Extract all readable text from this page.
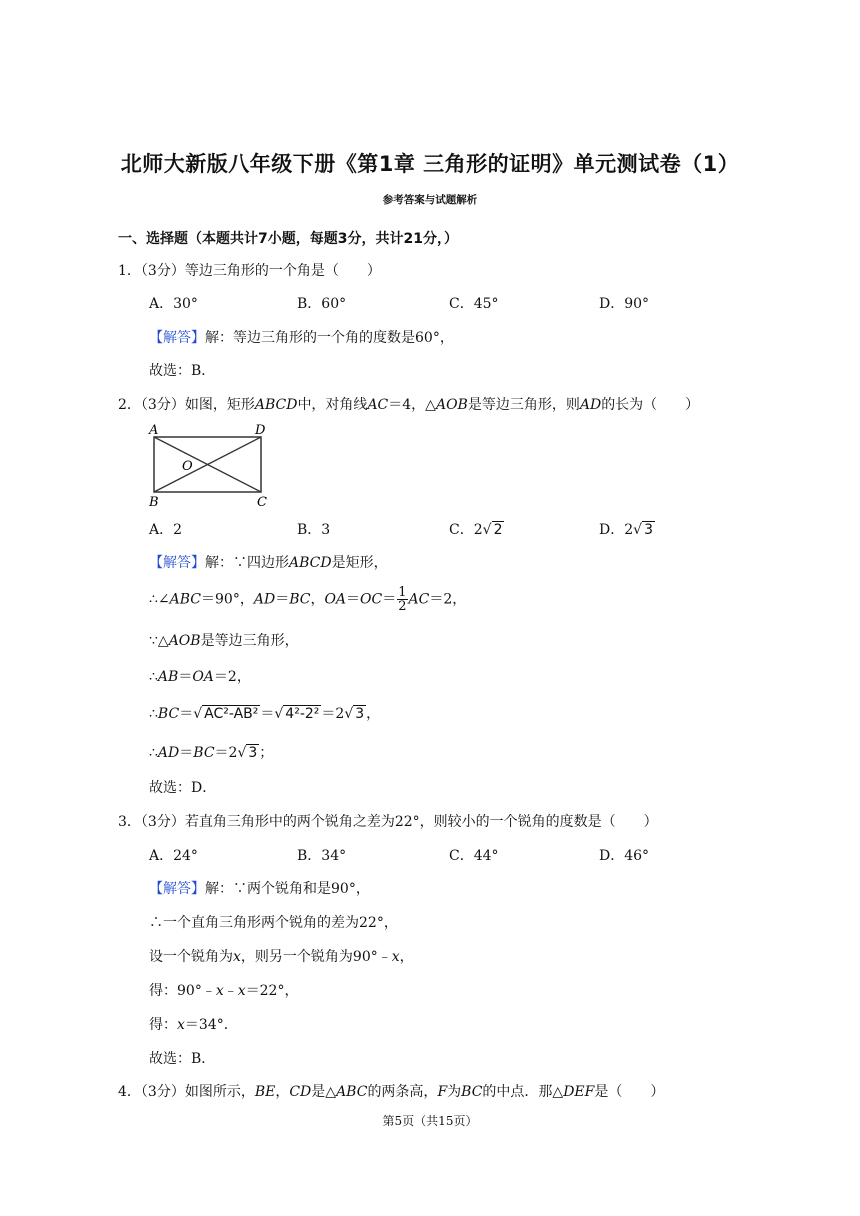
北师大新版八年级下册《第1章 三角形的证明》单元测试卷（1）
参考答案与试题解析
一、选择题（本题共计7小题，每题3分，共计21分，）
1．（3分）等边三角形的一个角是（　　）
A．30°	B．60°	C．45°	D．90°
【解答】解：等边三角形的一个角的度数是60°，
故选：B．
2．（3分）如图，矩形ABCD中，对角线AC＝4，△AOB是等边三角形，则AD的长为（　　）
A	D
B	C
O
A．2	B．3	C．2√ 2	D．2√ 3
【解答】解：∵四边形ABCD是矩形，
∴∠ABC＝90°，AD＝BC，$OA=OC= \frac{1}{2} AC=2$，
∵△AOB是等边三角形，
∴AB＝OA＝2，
∴BC＝√ AC²-AB² ＝√ 4²-2² ＝2√ 3 ，
∴AD＝BC＝2√ 3 ；
故选：D．
3．（3分）若直角三角形中的两个锐角之差为22°，则较小的一个锐角的度数是（　　）
A．24°	B．34°	C．44°	D．46°
【解答】解：∵两个锐角和是90°，
∴一个直角三角形两个锐角的差为22°，
设一个锐角为x，则另一个锐角为90°﹣x，
得：90°﹣x﹣x＝22°，
得：x＝34°．
故选：B．
4．（3分）如图所示，BE，CD是△ABC的两条高，F为BC的中点．那△DEF是（　　）
第5页（共15页）
